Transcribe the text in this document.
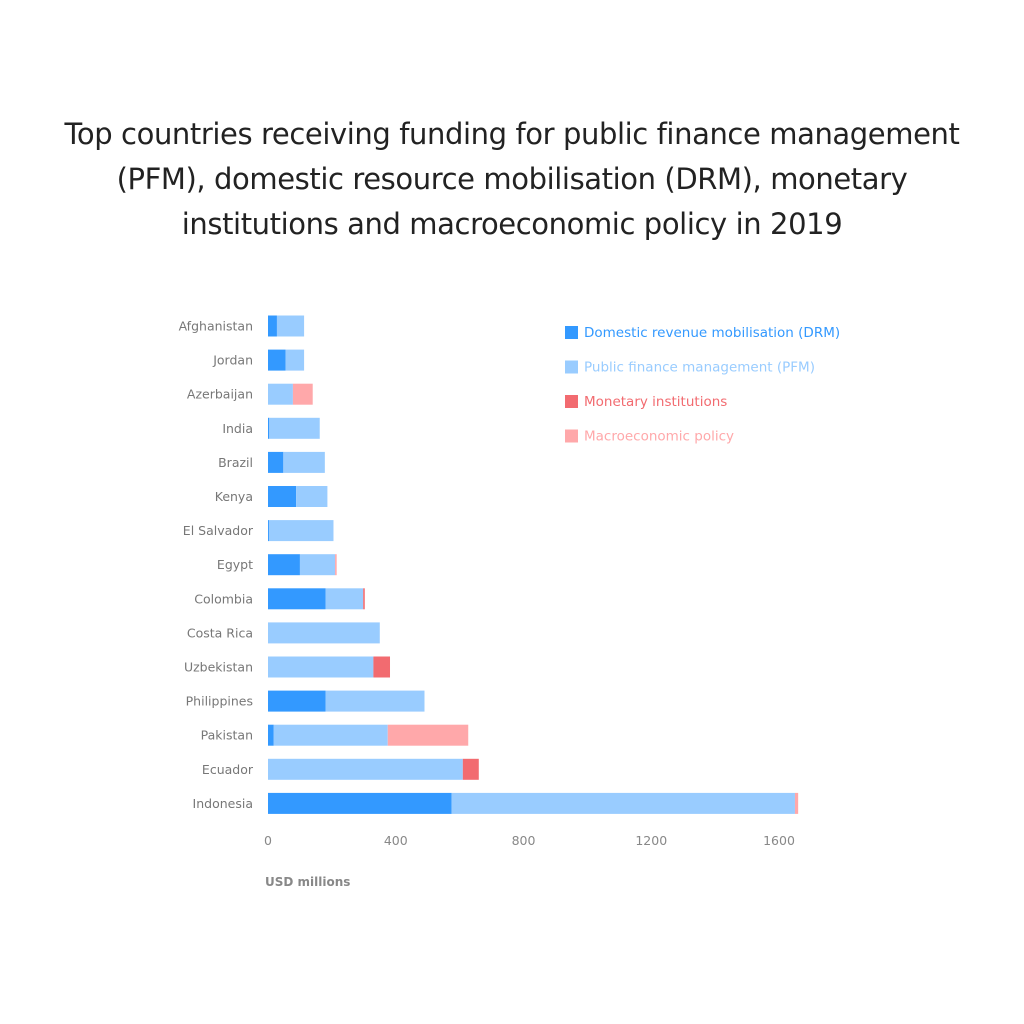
Top countries receiving funding for public finance management (PFM), domestic resource mobilisation (DRM), monetary institutions and macroeconomic policy in 2019
Afghanistan
Jordan
Azerbaijan
India
Brazil
Kenya
El Salvador
Egypt
Colombia
Costa Rica
Uzbekistan
Philippines
Pakistan
Ecuador
Indonesia
0	400	800	1200	1600
USD millions
Domestic revenue mobilisation (DRM)
Public finance management (PFM)
Monetary institutions
Macroeconomic policy
